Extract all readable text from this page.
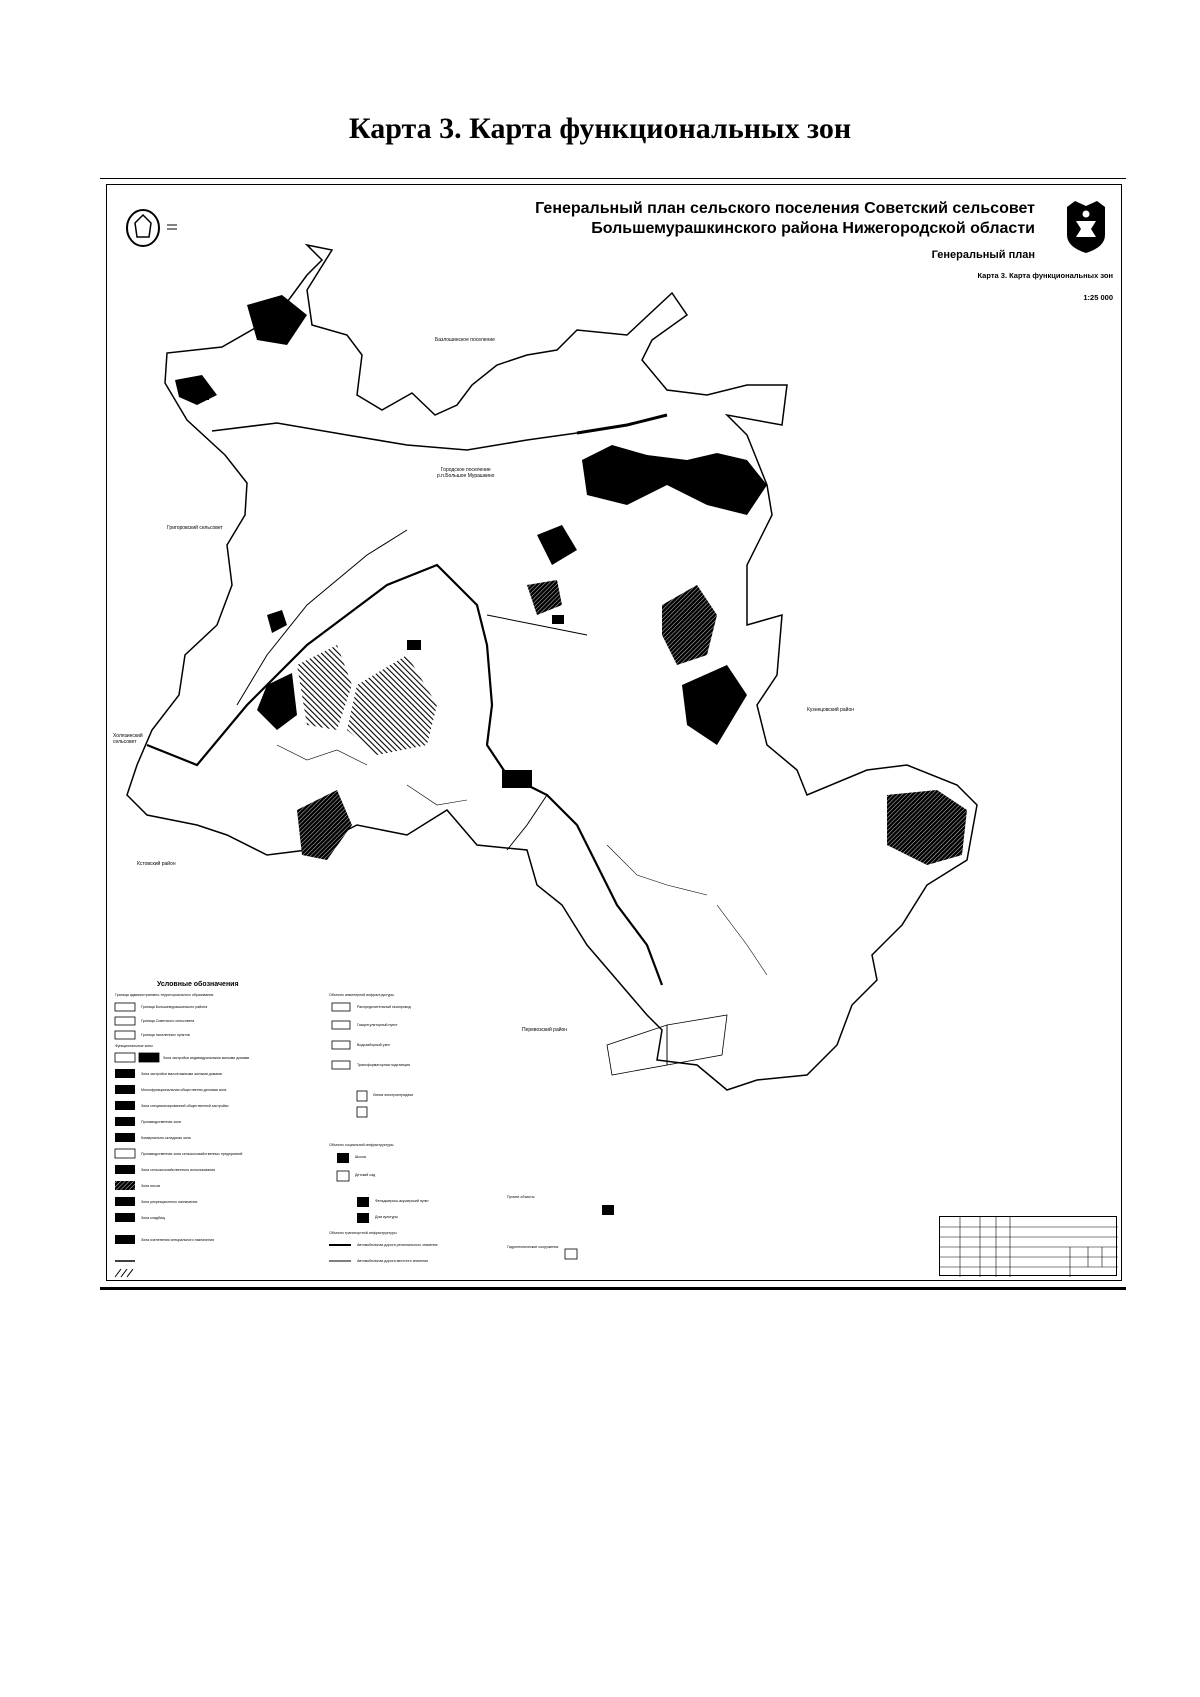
Карта 3. Карта функциональных зон
Генеральный план сельского поселения Советский сельсовет
Большемурашкинского района Нижегородской области
Генеральный план
Карта 3. Карта функциональных зон
1:25 000
Базлошинское поселение
Городское поселение
р.п.Большое Мурашкино
Григоровский сельсовет
Кузнецовский район
Холязинский
сельсовет
Кстовский район
Перевозский район
Условные обозначения
Граница административно-территориального образования
Функциональные зоны
Объекты инженерной инфраструктуры
Объекты социальной инфраструктуры
Объекты транспортной инфраструктуры
Прочие объекты
Граница Большемурашкинского района
Граница Советского сельсовета
Граница населенных пунктов
Зона застройки индивидуальными жилыми домами
Зона застройки малоэтажными жилыми домами
Многофункциональная общественно-деловая зона
Зона специализированной общественной застройки
Производственная зона
Коммунально-складская зона
Производственная зона сельскохозяйственных предприятий
Зона сельскохозяйственного использования
Зона лесов
Зона рекреационного назначения
Зона кладбищ
Зона озеленения специального назначения
Распределительный газопровод
Газорегуляторный пункт
Водозаборный узел
Трансформаторная подстанция
Линия электропередачи
Школа
Детский сад
Фельдшерско-акушерский пункт
Дом культуры
Автомобильная дорога регионального значения
Автомобильная дорога местного значения
Гидротехнические сооружения
